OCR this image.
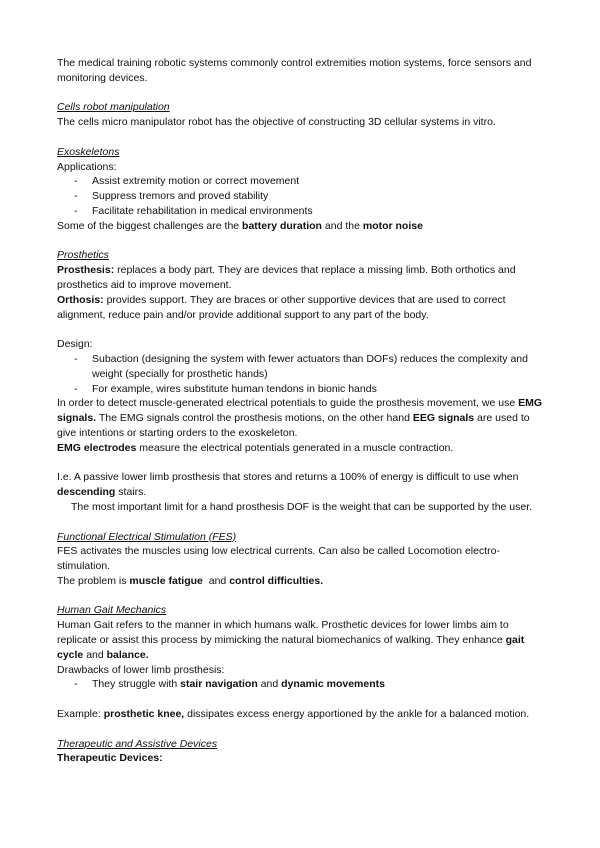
The medical training robotic systems commonly control extremities motion systems, force sensors and monitoring devices.

Cells robot manipulation

The cells micro manipulator robot has the objective of constructing 3D cellular systems in vitro.

Exoskeletons

Applications:

- Assist extremity motion or correct movement
- Suppress tremors and proved stability
- Facilitate rehabilitation in medical environments

Some of the biggest challenges are the battery duration and the motor noise

Prosthetics

Prosthesis: replaces a body part. They are devices that replace a missing limb. Both orthotics and prosthetics aid to improve movement.

Orthosis: provides support. They are braces or other supportive devices that are used to correct alignment, reduce pain and/or provide additional support to any part of the body.

Design:

- Subaction (designing the system with fewer actuators than DOFs) reduces the complexity and weight (specially for prosthetic hands)
- For example, wires substitute human tendons in bionic hands

In order to detect muscle-generated electrical potentials to guide the prosthesis movement, we use EMG signals. The EMG signals control the prosthesis motions, on the other hand EEG signals are used to give intentions or starting orders to the exoskeleton.

EMG electrodes measure the electrical potentials generated in a muscle contraction.

I.e. A passive lower limb prosthesis that stores and returns a 100% of energy is difficult to use when descending stairs.

The most important limit for a hand prosthesis DOF is the weight that can be supported by the user.

Functional Electrical Stimulation (FES)

FES activates the muscles using low electrical currents. Can also be called Locomotion electro-stimulation.

The problem is muscle fatigue  and control difficulties.

Human Gait Mechanics

Human Gait refers to the manner in which humans walk. Prosthetic devices for lower limbs aim to replicate or assist this process by mimicking the natural biomechanics of walking. They enhance gait cycle and balance.

Drawbacks of lower limb prosthesis:

- They struggle with stair navigation and dynamic movements

Example: prosthetic knee, dissipates excess energy apportioned by the ankle for a balanced motion.

Therapeutic and Assistive Devices

Therapeutic Devices:
